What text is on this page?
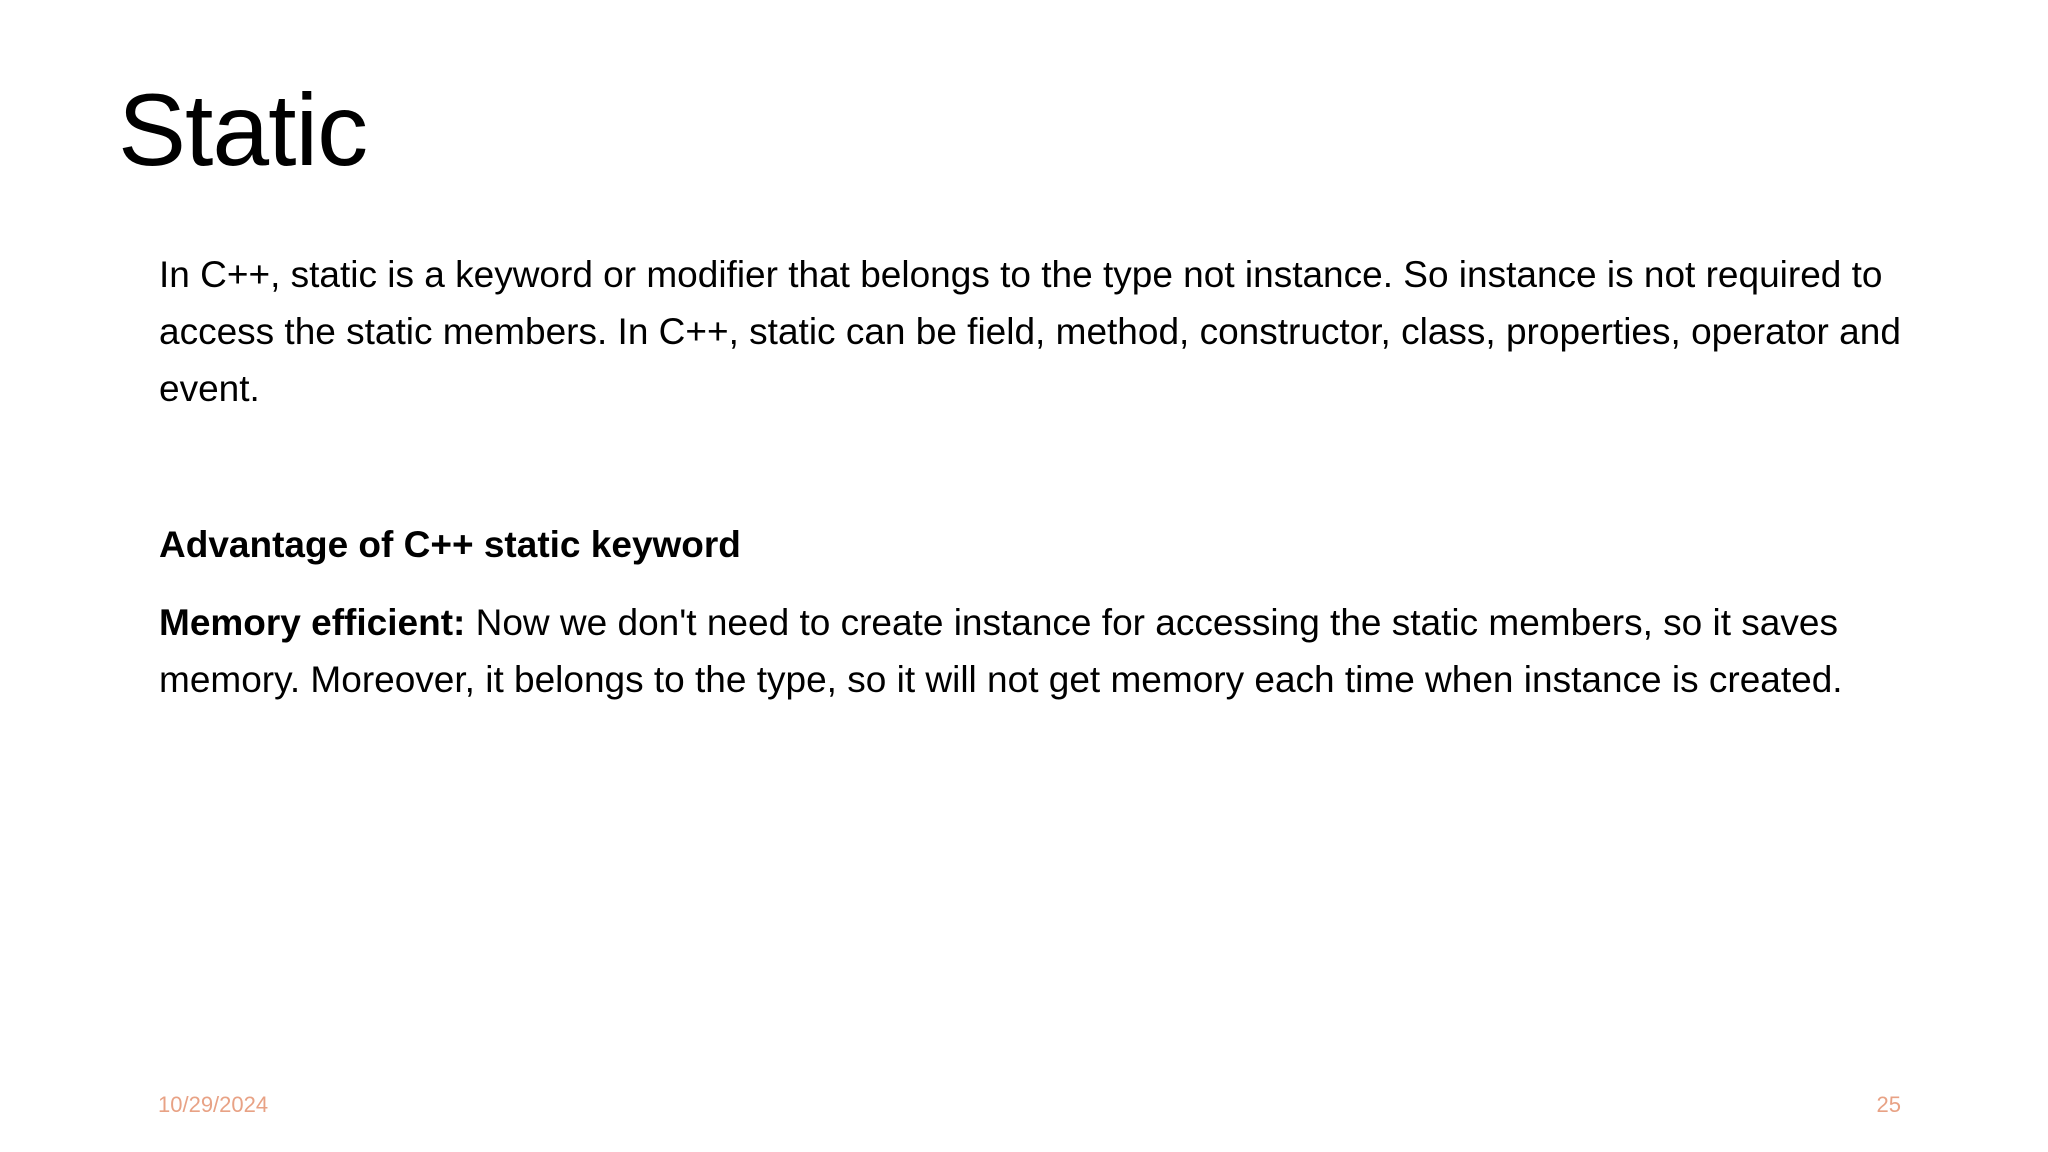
Static

In C++, static is a keyword or modifier that belongs to the type not instance. So instance is not required to access the static members. In C++, static can be field, method, constructor, class, properties, operator and event.

Advantage of C++ static keyword

Memory efficient: Now we don't need to create instance for accessing the static members, so it saves memory. Moreover, it belongs to the type, so it will not get memory each time when instance is created.

10/29/2024	25
